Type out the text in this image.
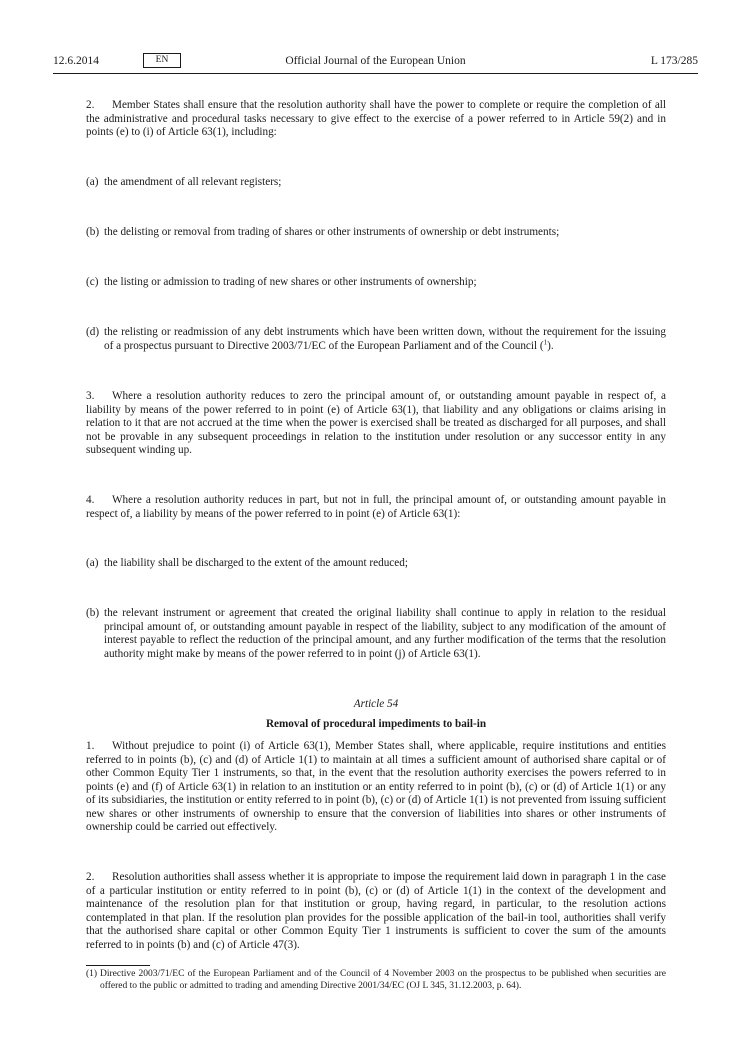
12.6.2014	EN	Official Journal of the European Union	L 173/285
2. Member States shall ensure that the resolution authority shall have the power to complete or require the completion of all the administrative and procedural tasks necessary to give effect to the exercise of a power referred to in Article 59(2) and in points (e) to (i) of Article 63(1), including:
(a) the amendment of all relevant registers;
(b) the delisting or removal from trading of shares or other instruments of ownership or debt instruments;
(c) the listing or admission to trading of new shares or other instruments of ownership;
(d) the relisting or readmission of any debt instruments which have been written down, without the requirement for the issuing of a prospectus pursuant to Directive 2003/71/EC of the European Parliament and of the Council ($^1$).
3. Where a resolution authority reduces to zero the principal amount of, or outstanding amount payable in respect of, a liability by means of the power referred to in point (e) of Article 63(1), that liability and any obligations or claims arising in relation to it that are not accrued at the time when the power is exercised shall be treated as discharged for all purposes, and shall not be provable in any subsequent proceedings in relation to the institution under resolution or any successor entity in any subsequent winding up.
4. Where a resolution authority reduces in part, but not in full, the principal amount of, or outstanding amount payable in respect of, a liability by means of the power referred to in point (e) of Article 63(1):
(a) the liability shall be discharged to the extent of the amount reduced;
(b) the relevant instrument or agreement that created the original liability shall continue to apply in relation to the residual principal amount of, or outstanding amount payable in respect of the liability, subject to any modification of the amount of interest payable to reflect the reduction of the principal amount, and any further modification of the terms that the resolution authority might make by means of the power referred to in point (j) of Article 63(1).
Article 54
Removal of procedural impediments to bail-in
1. Without prejudice to point (i) of Article 63(1), Member States shall, where applicable, require institutions and entities referred to in points (b), (c) and (d) of Article 1(1) to maintain at all times a sufficient amount of authorised share capital or of other Common Equity Tier 1 instruments, so that, in the event that the resolution authority exercises the powers referred to in points (e) and (f) of Article 63(1) in relation to an institution or an entity referred to in point (b), (c) or (d) of Article 1(1) or any of its subsidiaries, the institution or entity referred to in point (b), (c) or (d) of Article 1(1) is not prevented from issuing sufficient new shares or other instruments of ownership to ensure that the conversion of liabilities into shares or other instruments of ownership could be carried out effectively.
2. Resolution authorities shall assess whether it is appropriate to impose the requirement laid down in paragraph 1 in the case of a particular institution or entity referred to in point (b), (c) or (d) of Article 1(1) in the context of the development and maintenance of the resolution plan for that institution or group, having regard, in particular, to the resolution actions contemplated in that plan. If the resolution plan provides for the possible application of the bail-in tool, authorities shall verify that the authorised share capital or other Common Equity Tier 1 instruments is sufficient to cover the sum of the amounts referred to in points (b) and (c) of Article 47(3).
(1) Directive 2003/71/EC of the European Parliament and of the Council of 4 November 2003 on the prospectus to be published when securities are offered to the public or admitted to trading and amending Directive 2001/34/EC (OJ L 345, 31.12.2003, p. 64).
